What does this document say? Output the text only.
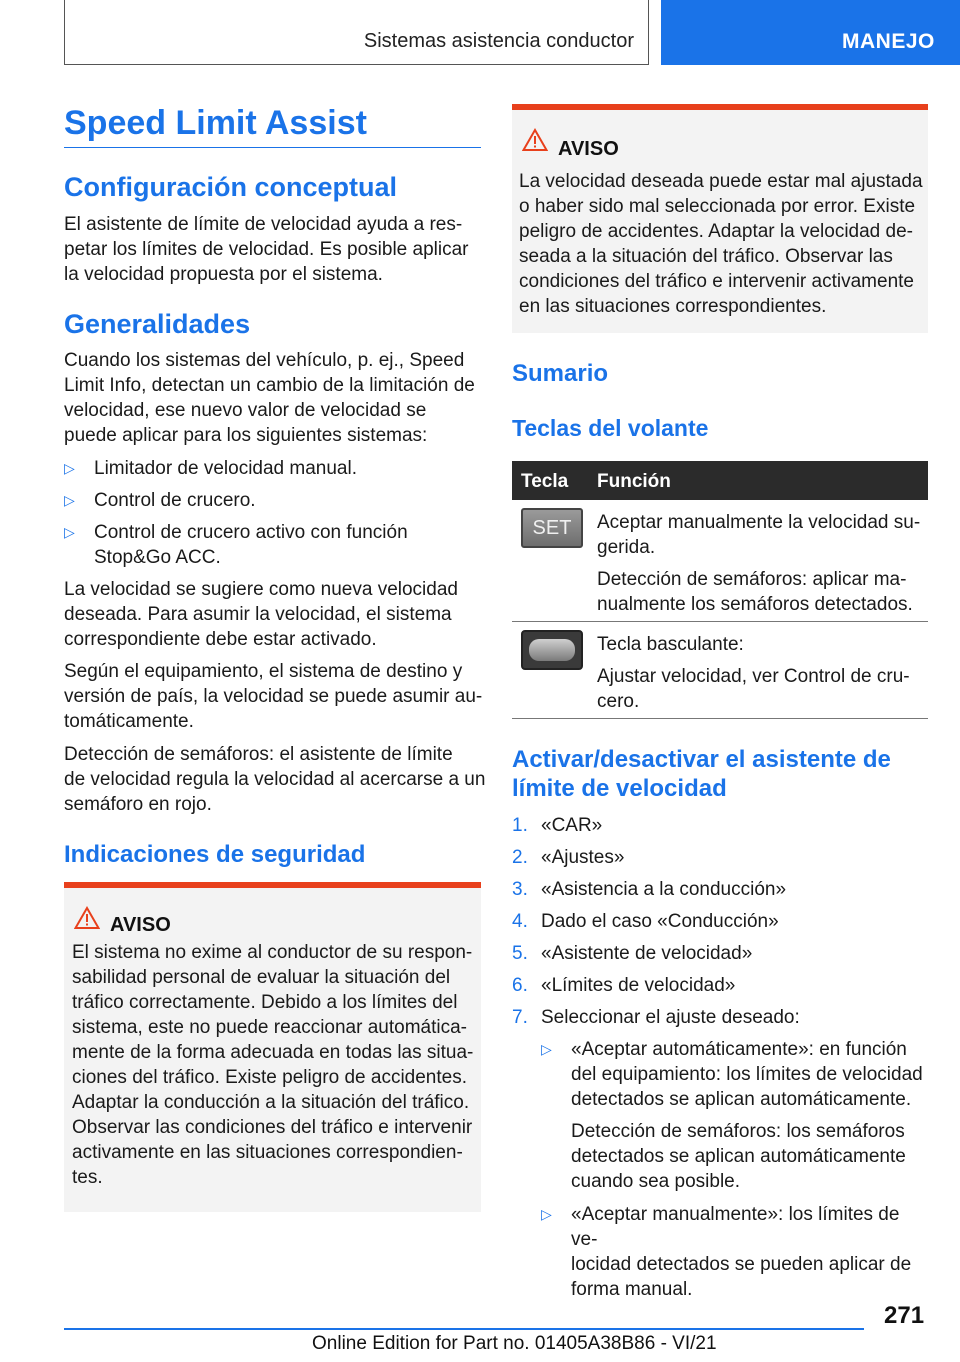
Sistemas asistencia conductor	MANEJO
Speed Limit Assist
Configuración conceptual
El asistente de límite de velocidad ayuda a res-
petar los límites de velocidad. Es posible aplicar
la velocidad propuesta por el sistema.
Generalidades
Cuando los sistemas del vehículo, p. ej., Speed
Limit Info, detectan un cambio de la limitación de
velocidad, ese nuevo valor de velocidad se
puede aplicar para los siguientes sistemas:
▷ Limitador de velocidad manual.
▷ Control de crucero.
▷ Control de crucero activo con función
Stop&Go ACC.
La velocidad se sugiere como nueva velocidad
deseada. Para asumir la velocidad, el sistema
correspondiente debe estar activado.
Según el equipamiento, el sistema de destino y
versión de país, la velocidad se puede asumir au-
tomáticamente.
Detección de semáforos: el asistente de límite
de velocidad regula la velocidad al acercarse a un
semáforo en rojo.
Indicaciones de seguridad
AVISO
El sistema no exime al conductor de su respon-
sabilidad personal de evaluar la situación del
tráfico correctamente. Debido a los límites del
sistema, este no puede reaccionar automática-
mente de la forma adecuada en todas las situa-
ciones del tráfico. Existe peligro de accidentes.
Adaptar la conducción a la situación del tráfico.
Observar las condiciones del tráfico e intervenir
activamente en las situaciones correspondien-
tes.
AVISO
La velocidad deseada puede estar mal ajustada
o haber sido mal seleccionada por error. Existe
peligro de accidentes. Adaptar la velocidad de-
seada a la situación del tráfico. Observar las
condiciones del tráfico e intervenir activamente
en las situaciones correspondientes.
Sumario
Teclas del volante
Tecla Función
SET	Aceptar manualmente la velocidad su-
gerida.
Detección de semáforos: aplicar ma-
nualmente los semáforos detectados.
Tecla basculante:
Ajustar velocidad, ver Control de cru-
cero.
Activar/desactivar el asistente de
límite de velocidad
1. «CAR»
2. «Ajustes»
3. «Asistencia a la conducción»
4. Dado el caso «Conducción»
5. «Asistente de velocidad»
6. «Límites de velocidad»
7. Seleccionar el ajuste deseado:
▷ «Aceptar automáticamente»: en función
del equipamiento: los límites de velocidad
detectados se aplican automáticamente.
Detección de semáforos: los semáforos
detectados se aplican automáticamente
cuando sea posible.
▷ «Aceptar manualmente»: los límites de ve-
locidad detectados se pueden aplicar de
forma manual.
271
Online Edition for Part no. 01405A38B86 - VI/21
